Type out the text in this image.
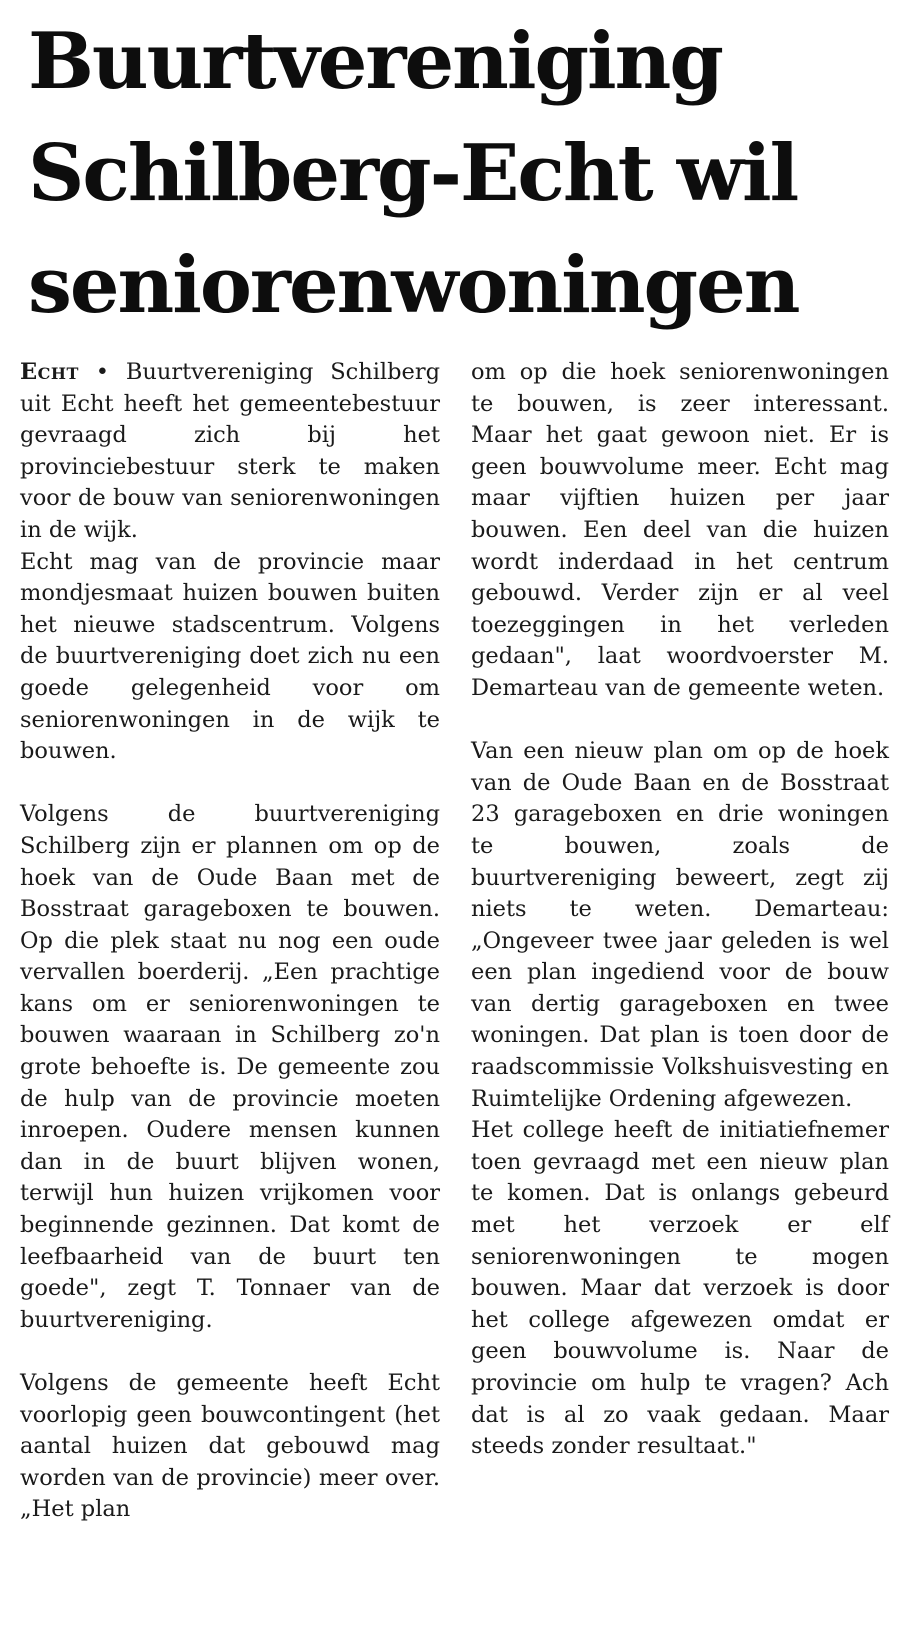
Buurtvereniging
Schilberg-Echt wil
seniorenwoningen

Echt • Buurtvereniging Schilberg uit Echt heeft het gemeentebestuur gevraagd zich bij het provinciebestuur sterk te maken voor de bouw van seniorenwoningen in de wijk.

Echt mag van de provincie maar mondjesmaat huizen bouwen buiten het nieuwe stadscentrum. Volgens de buurtvereniging doet zich nu een goede gelegenheid voor om seniorenwoningen in de wijk te bouwen.

Volgens de buurtvereniging Schilberg zijn er plannen om op de hoek van de Oude Baan met de Bosstraat garageboxen te bouwen. Op die plek staat nu nog een oude vervallen boerderij. „Een prachtige kans om er seniorenwoningen te bouwen waaraan in Schilberg zo'n grote behoefte is. De gemeente zou de hulp van de provincie moeten inroepen. Oudere mensen kunnen dan in de buurt blijven wonen, terwijl hun huizen vrijkomen voor beginnende gezinnen. Dat komt de leefbaarheid van de buurt ten goede", zegt T. Tonnaer van de buurtvereniging.

Volgens de gemeente heeft Echt voorlopig geen bouwcontingent (het aantal huizen dat gebouwd mag worden van de provincie) meer over. „Het plan

om op die hoek seniorenwoningen te bouwen, is zeer interessant. Maar het gaat gewoon niet. Er is geen bouwvolume meer. Echt mag maar vijftien huizen per jaar bouwen. Een deel van die huizen wordt inderdaad in het centrum gebouwd. Verder zijn er al veel toezeggingen in het verleden gedaan", laat woordvoerster M. Demarteau van de gemeente weten.

Van een nieuw plan om op de hoek van de Oude Baan en de Bosstraat 23 garageboxen en drie woningen te bouwen, zoals de buurtvereniging beweert, zegt zij niets te weten. Demarteau: „Ongeveer twee jaar geleden is wel een plan ingediend voor de bouw van dertig garageboxen en twee woningen. Dat plan is toen door de raadscommissie Volkshuisvesting en Ruimtelijke Ordening afgewezen.

Het college heeft de initiatiefnemer toen gevraagd met een nieuw plan te komen. Dat is onlangs gebeurd met het verzoek er elf seniorenwoningen te mogen bouwen. Maar dat verzoek is door het college afgewezen omdat er geen bouwvolume is. Naar de provincie om hulp te vragen? Ach dat is al zo vaak gedaan. Maar steeds zonder resultaat."
